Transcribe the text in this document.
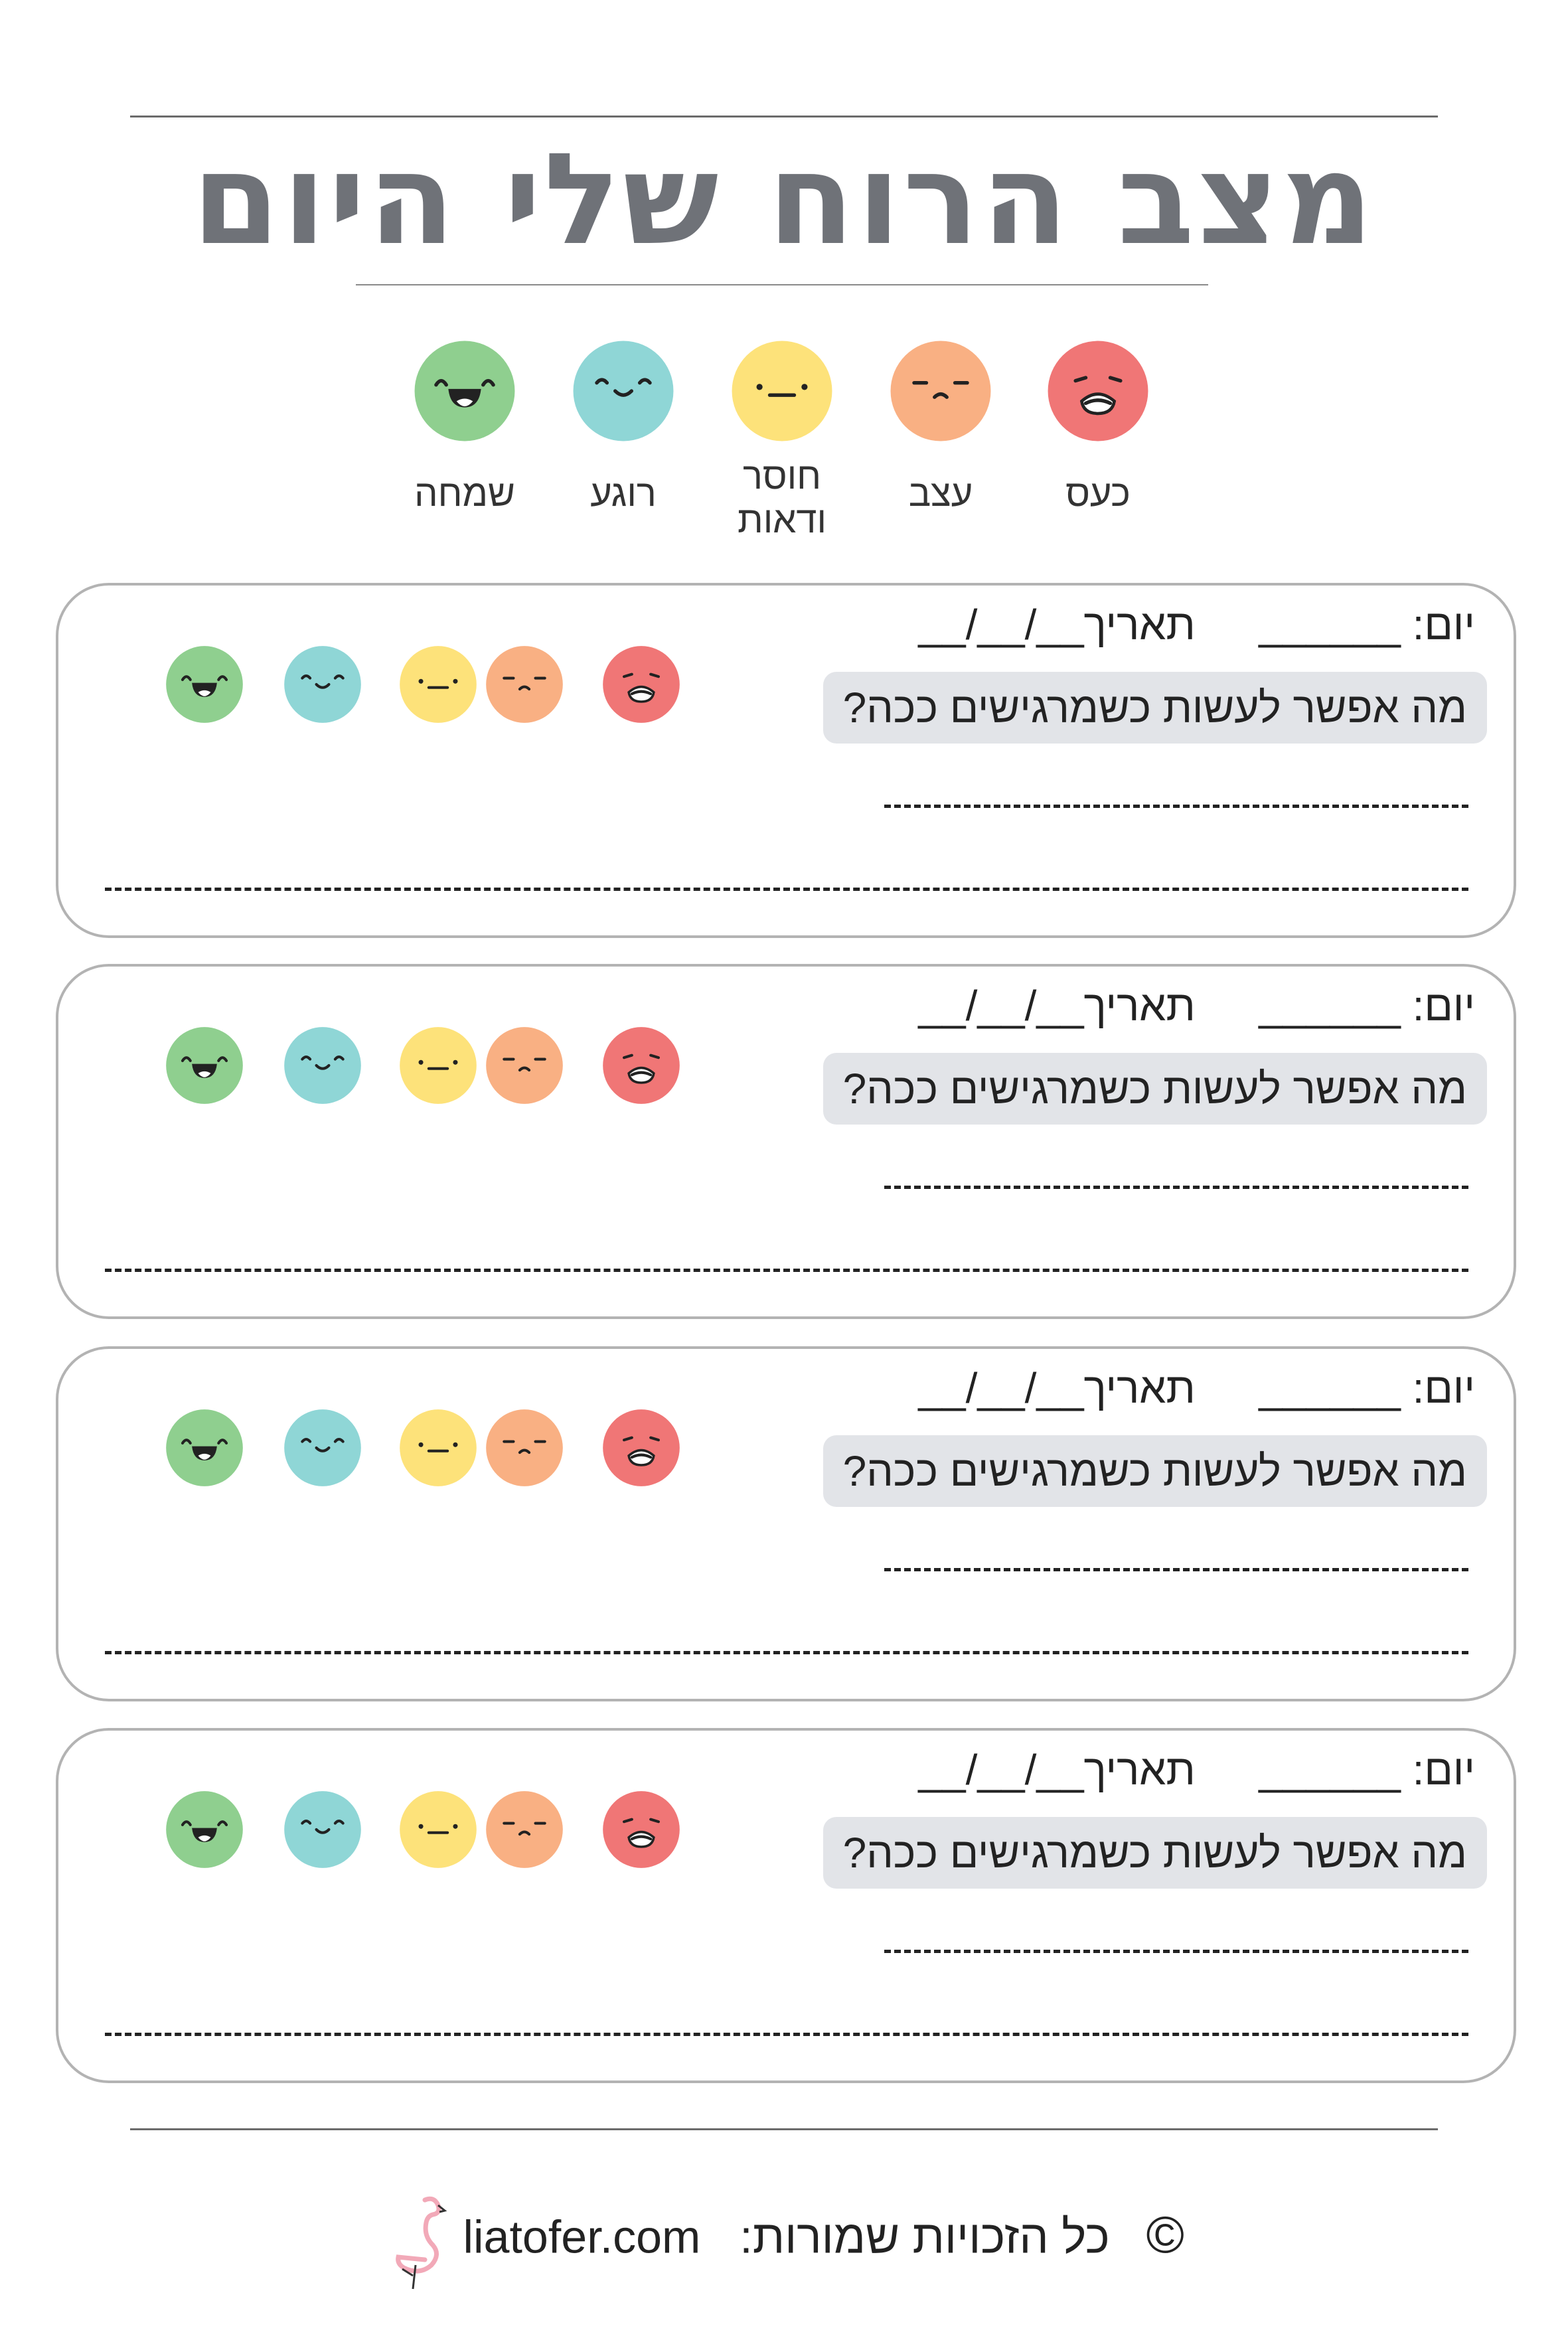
מצב הרוח שלי היום
כעס
עצב
חוסר
ודאות
רוגע
שמחה
יום: ______  תאריך__/__/__
מה אפשר לעשות כשמרגישים ככה?
יום: ______  תאריך__/__/__
מה אפשר לעשות כשמרגישים ככה?
יום: ______  תאריך__/__/__
מה אפשר לעשות כשמרגישים ככה?
יום: ______  תאריך__/__/__
מה אפשר לעשות כשמרגישים ככה?
liatofer.com כל הזכויות שמורות: ©
